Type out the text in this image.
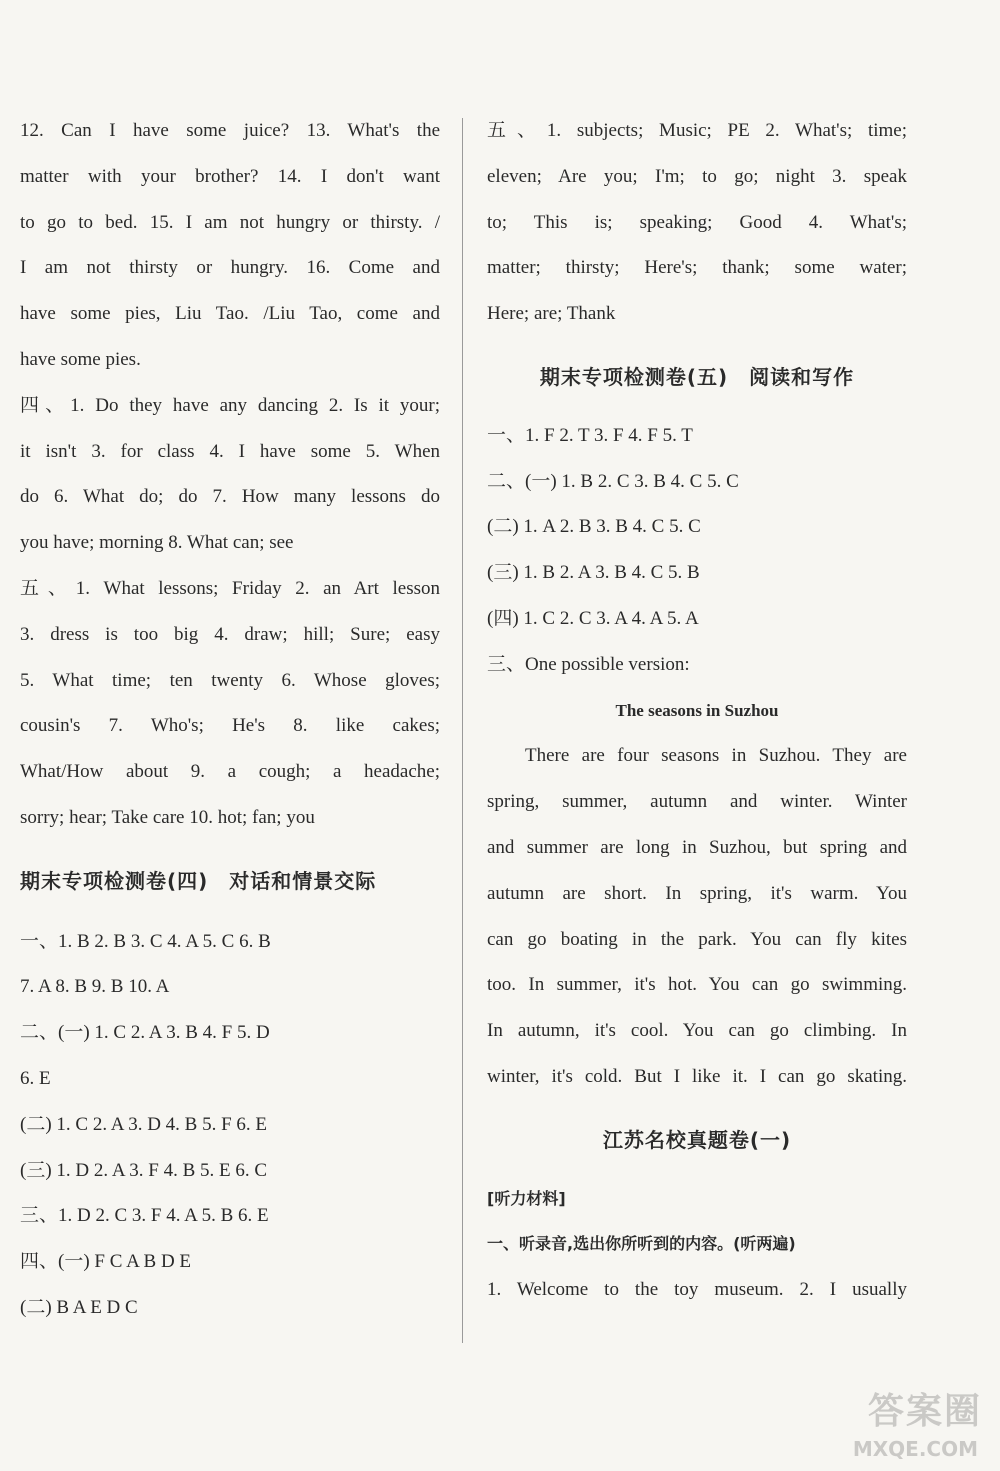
12. Can I have some juice? 13. What's the
matter with your brother? 14. I don't want
to go to bed. 15. I am not hungry or thirsty. /
I am not thirsty or hungry. 16. Come and
have some pies, Liu Tao. /Liu Tao, come and
have some pies.
四、1. Do they have any dancing 2. Is it your;
it isn't 3. for class 4. I have some 5. When
do 6. What do; do 7. How many lessons do
you have; morning 8. What can; see
五、1. What lessons; Friday 2. an Art lesson
3. dress is too big 4. draw; hill; Sure; easy
5. What time; ten twenty 6. Whose gloves;
cousin's 7. Who's; He's 8. like cakes;
What/How about 9. a cough; a headache;
sorry; hear; Take care 10. hot; fan; you
期末专项检测卷(四)　对话和情景交际
一、1. B 2. B 3. C 4. A 5. C 6. B
7. A 8. B 9. B 10. A
二、(一) 1. C 2. A 3. B 4. F 5. D
6. E
(二) 1. C 2. A 3. D 4. B 5. F 6. E
(三) 1. D 2. A 3. F 4. B 5. E 6. C
三、1. D 2. C 3. F 4. A 5. B 6. E
四、(一) F C A B D E
(二) B A E D C
五、1. subjects; Music; PE 2. What's; time;
eleven; Are you; I'm; to go; night 3. speak
to; This is; speaking; Good 4. What's;
matter; thirsty; Here's; thank; some water;
Here; are; Thank
期末专项检测卷(五)　阅读和写作
一、1. F 2. T 3. F 4. F 5. T
二、(一) 1. B 2. C 3. B 4. C 5. C
(二) 1. A 2. B 3. B 4. C 5. C
(三) 1. B 2. A 3. B 4. C 5. B
(四) 1. C 2. C 3. A 4. A 5. A
三、One possible version:
The seasons in Suzhou
There are four seasons in Suzhou. They are
spring, summer, autumn and winter. Winter
and summer are long in Suzhou, but spring and
autumn are short. In spring, it's warm. You
can go boating in the park. You can fly kites
too. In summer, it's hot. You can go swimming.
In autumn, it's cool. You can go climbing. In
winter, it's cold. But I like it. I can go skating.
江苏名校真题卷(一)
[听力材料]
一、听录音,选出你所听到的内容。(听两遍)
1. Welcome to the toy museum. 2. I usually
答案圈
MXQE.COM
